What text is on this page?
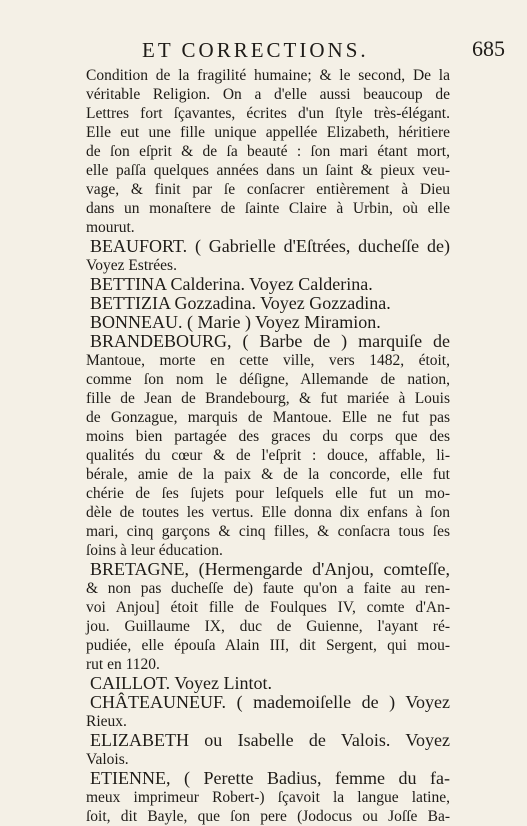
ET CORRECTIONS.	685
Condition de la fragilité humaine; & le second, De la
véritable Religion. On a d'elle aussi beaucoup de
Lettres fort ſçavantes, écrites d'un ſtyle très-élégant.
Elle eut une fille unique appellée Elizabeth, héritiere
de ſon eſprit & de ſa beauté : ſon mari étant mort,
elle paſſa quelques années dans un ſaint & pieux veu-
vage, & finit par ſe conſacrer entièrement à Dieu
dans un monaſtere de ſainte Claire à Urbin, où elle
mourut.
BEAUFORT. ( Gabrielle d'Eſtrées, ducheſſe de)
Voyez Estrées.
BETTINA Calderina. Voyez Calderina.
BETTIZIA Gozzadina. Voyez Gozzadina.
BONNEAU. ( Marie ) Voyez Miramion.
BRANDEBOURG, ( Barbe de ) marquiſe de
Mantoue, morte en cette ville, vers 1482, étoit,
comme ſon nom le déſigne, Allemande de nation,
fille de Jean de Brandebourg, & fut mariée à Louis
de Gonzague, marquis de Mantoue. Elle ne fut pas
moins bien partagée des graces du corps que des
qualités du cœur & de l'eſprit : douce, affable, li-
bérale, amie de la paix & de la concorde, elle fut
chérie de ſes ſujets pour leſquels elle fut un mo-
dèle de toutes les vertus. Elle donna dix enfans à ſon
mari, cinq garçons & cinq filles, & conſacra tous ſes
ſoins à leur éducation.
BRETAGNE, (Hermengarde d'Anjou, comteſſe,
& non pas ducheſſe de) faute qu'on a faite au ren-
voi Anjou] étoit fille de Foulques IV, comte d'An-
jou. Guillaume IX, duc de Guienne, l'ayant ré-
pudiée, elle épouſa Alain III, dit Sergent, qui mou-
rut en 1120.
CAILLOT. Voyez Lintot.
CHÂTEAUNEUF. ( mademoiſelle de ) Voyez
Rieux.
ELIZABETH ou Isabelle de Valois. Voyez
Valois.
ETIENNE, ( Perette Badius, femme du fa-
meux imprimeur Robert-) ſçavoit la langue latine,
ſoit, dit Bayle, que ſon pere (Jodocus ou Joſſe Ba-
